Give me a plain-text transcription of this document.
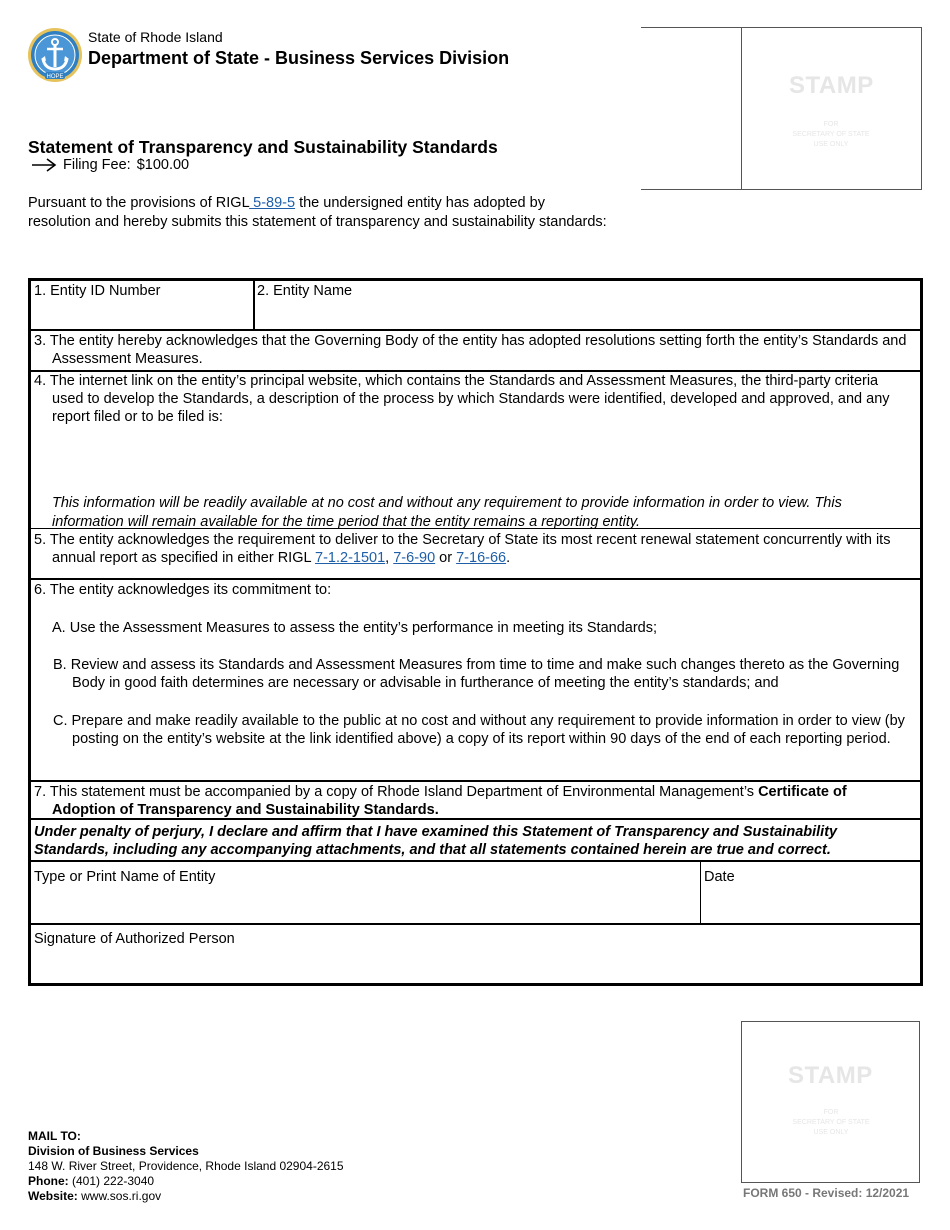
HOPE
State of Rhode Island
Department of State - Business Services Division
STAMP
FOR
SECRETARY OF STATE
USE ONLY
Statement of Transparency and Sustainability Standards
Filing Fee: $100.00
Pursuant to the provisions of RIGL 5-89-5 the undersigned entity has adopted by resolution and hereby submits this statement of transparency and sustainability standards:
1. Entity ID Number	2. Entity Name
3. The entity hereby acknowledges that the Governing Body of the entity has adopted resolutions setting forth the entity’s Standards and Assessment Measures.
4. The internet link on the entity’s principal website, which contains the Standards and Assessment Measures, the third-party criteria used to develop the Standards, a description of the process by which Standards were identified, developed and approved, and any report filed or to be filed is:
This information will be readily available at no cost and without any requirement to provide information in order to view. This information will remain available for the time period that the entity remains a reporting entity.
5. The entity acknowledges the requirement to deliver to the Secretary of State its most recent renewal statement concurrently with its annual report as specified in either RIGL 7-1.2-1501, 7-6-90 or 7-16-66.
6. The entity acknowledges its commitment to:
A. Use the Assessment Measures to assess the entity’s performance in meeting its Standards;
B. Review and assess its Standards and Assessment Measures from time to time and make such changes thereto as the Governing Body in good faith determines are necessary or advisable in furtherance of meeting the entity’s standards; and
C. Prepare and make readily available to the public at no cost and without any requirement to provide information in order to view (by posting on the entity’s website at the link identified above) a copy of its report within 90 days of the end of each reporting period.
7. This statement must be accompanied by a copy of Rhode Island Department of Environmental Management’s Certificate of Adoption of Transparency and Sustainability Standards.
Under penalty of perjury, I declare and affirm that I have examined this Statement of Transparency and Sustainability Standards, including any accompanying attachments, and that all statements contained herein are true and correct.
Type or Print Name of Entity	Date
Signature of Authorized Person
STAMP
FOR
SECRETARY OF STATE
USE ONLY
MAIL TO:
Division of Business Services
148 W. River Street, Providence, Rhode Island 02904-2615
Phone: (401) 222-3040
Website: www.sos.ri.gov	FORM 650 - Revised: 12/2021
